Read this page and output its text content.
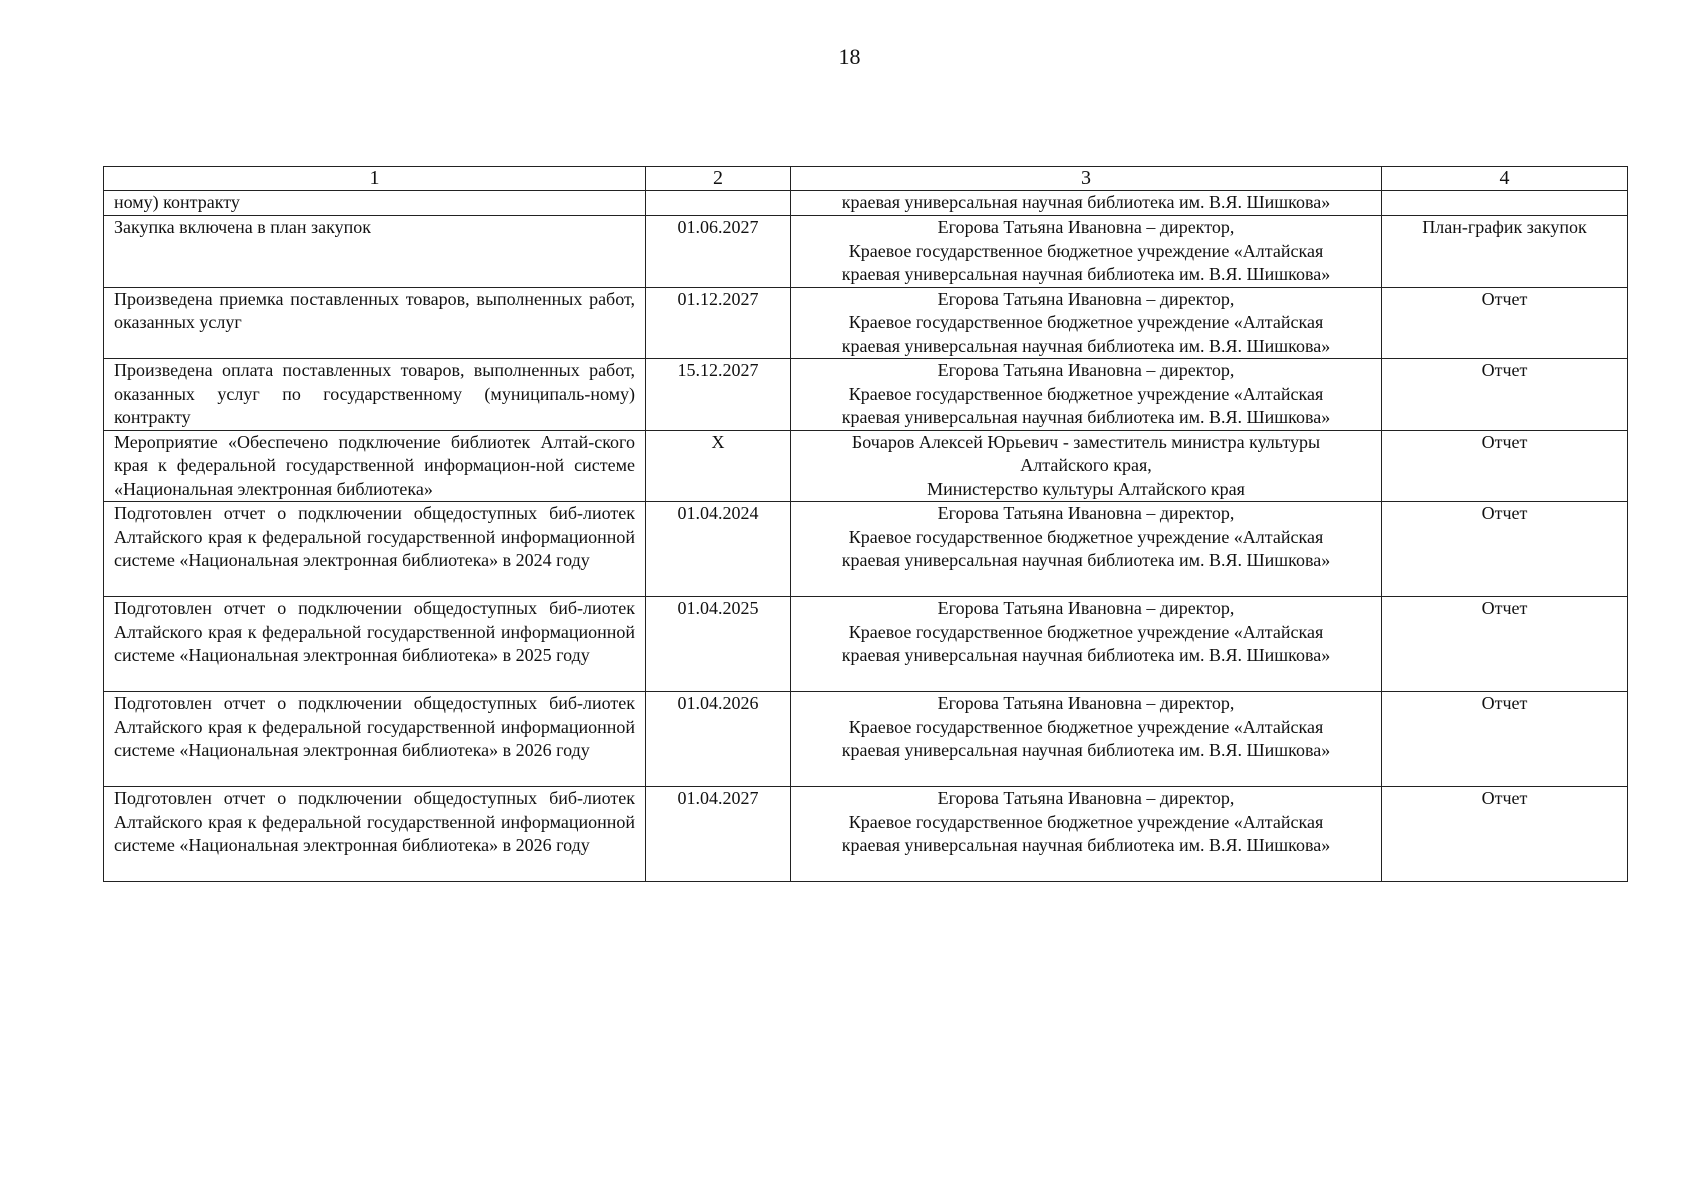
18
1	2	3	4
ному) контракту		краевая универсальная научная библиотека им. В.Я. Шишкова»	

Закупка включена в план закупок	01.06.2027	Егорова Татьяна Ивановна – директор,
Краевое государственное бюджетное учреждение «Алтайская
краевая универсальная научная библиотека им. В.Я. Шишкова»	План-график закупок
Произведена приемка поставленных товаров, выполненных работ, оказанных услуг	01.12.2027	Егорова Татьяна Ивановна – директор,
Краевое государственное бюджетное учреждение «Алтайская
краевая универсальная научная библиотека им. В.Я. Шишкова»	Отчет
Произведена оплата поставленных товаров, выполненных работ, оказанных услуг по государственному (муниципаль-ному) контракту	15.12.2027	Егорова Татьяна Ивановна – директор,
Краевое государственное бюджетное учреждение «Алтайская
краевая универсальная научная библиотека им. В.Я. Шишкова»	Отчет
Мероприятие «Обеспечено подключение библиотек Алтай-ского края к федеральной государственной информацион-ной системе «Национальная электронная библиотека»	Х	Бочаров Алексей Юрьевич - заместитель министра культуры
Алтайского края,
Министерство культуры Алтайского края	Отчет
Подготовлен отчет о подключении общедоступных биб-лиотек Алтайского края к федеральной государственной информационной системе «Национальная электронная библиотека» в 2024 году	01.04.2024	Егорова Татьяна Ивановна – директор,
Краевое государственное бюджетное учреждение «Алтайская
краевая универсальная научная библиотека им. В.Я. Шишкова»	Отчет
Подготовлен отчет о подключении общедоступных биб-лиотек Алтайского края к федеральной государственной информационной системе «Национальная электронная библиотека» в 2025 году	01.04.2025	Егорова Татьяна Ивановна – директор,
Краевое государственное бюджетное учреждение «Алтайская
краевая универсальная научная библиотека им. В.Я. Шишкова»	Отчет
Подготовлен отчет о подключении общедоступных биб-лиотек Алтайского края к федеральной государственной информационной системе «Национальная электронная библиотека» в 2026 году	01.04.2026	Егорова Татьяна Ивановна – директор,
Краевое государственное бюджетное учреждение «Алтайская
краевая универсальная научная библиотека им. В.Я. Шишкова»	Отчет
Подготовлен отчет о подключении общедоступных биб-лиотек Алтайского края к федеральной государственной информационной системе «Национальная электронная библиотека» в 2026 году	01.04.2027	Егорова Татьяна Ивановна – директор,
Краевое государственное бюджетное учреждение «Алтайская
краевая универсальная научная библиотека им. В.Я. Шишкова»	Отчет
